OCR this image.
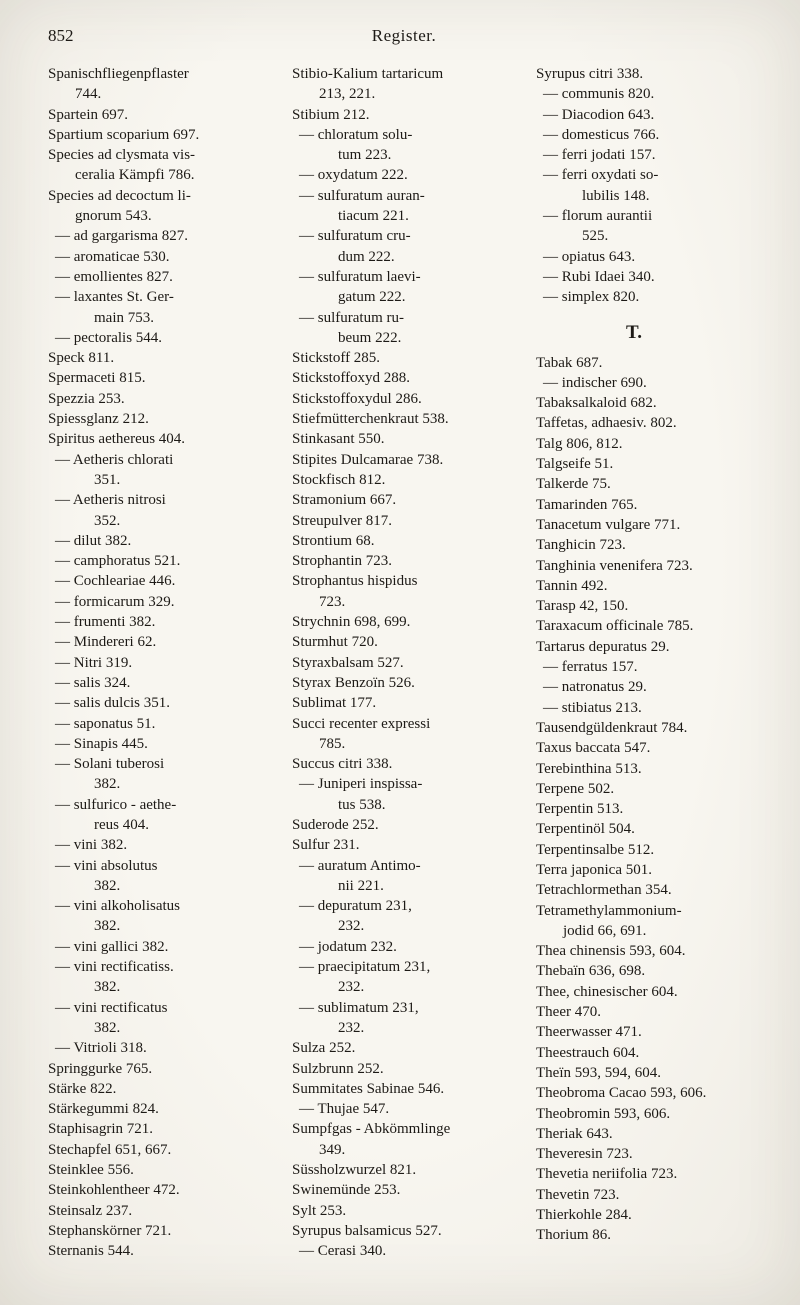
852	Register.
Spanischfliegenpflaster
744.
Spartein 697.
Spartium scoparium 697.
Species ad clysmata vis-
ceralia Kämpfi 786.
Species ad decoctum li-
gnorum 543.
— ad gargarisma 827.
— aromaticae 530.
— emollientes 827.
— laxantes St. Ger-
main 753.
— pectoralis 544.
Speck 811.
Spermaceti 815.
Spezzia 253.
Spiessglanz 212.
Spiritus aethereus 404.
— Aetheris chlorati
351.
— Aetheris nitrosi
352.
— dilut 382.
— camphoratus 521.
— Cochleariae 446.
— formicarum 329.
— frumenti 382.
— Mindereri 62.
— Nitri 319.
— salis 324.
— salis dulcis 351.
— saponatus 51.
— Sinapis 445.
— Solani tuberosi
382.
— sulfurico - aethe-
reus 404.
— vini 382.
— vini absolutus
382.
— vini alkoholisatus
382.
— vini gallici 382.
— vini rectificatiss.
382.
— vini rectificatus
382.
— Vitrioli 318.
Springgurke 765.
Stärke 822.
Stärkegummi 824.
Staphisagrin 721.
Stechapfel 651, 667.
Steinklee 556.
Steinkohlentheer 472.
Steinsalz 237.
Stephanskörner 721.
Sternanis 544.
Stibio-Kalium tartaricum
213, 221.
Stibium 212.
— chloratum solu-
tum 223.
— oxydatum 222.
— sulfuratum auran-
tiacum 221.
— sulfuratum cru-
dum 222.
— sulfuratum laevi-
gatum 222.
— sulfuratum ru-
beum 222.
Stickstoff 285.
Stickstoffoxyd 288.
Stickstoffoxydul 286.
Stiefmütterchenkraut 538.
Stinkasant 550.
Stipites Dulcamarae 738.
Stockfisch 812.
Stramonium 667.
Streupulver 817.
Strontium 68.
Strophantin 723.
Strophantus hispidus
723.
Strychnin 698, 699.
Sturmhut 720.
Styraxbalsam 527.
Styrax Benzoïn 526.
Sublimat 177.
Succi recenter expressi
785.
Succus citri 338.
— Juniperi inspissa-
tus 538.
Suderode 252.
Sulfur 231.
— auratum Antimo-
nii 221.
— depuratum 231,
232.
— jodatum 232.
— praecipitatum 231,
232.
— sublimatum 231,
232.
Sulza 252.
Sulzbrunn 252.
Summitates Sabinae 546.
— Thujae 547.
Sumpfgas - Abkömmlinge
349.
Süssholzwurzel 821.
Swinemünde 253.
Sylt 253.
Syrupus balsamicus 527.
— Cerasi 340.
Syrupus citri 338.
— communis 820.
— Diacodion 643.
— domesticus 766.
— ferri jodati 157.
— ferri oxydati so-
lubilis 148.
— florum aurantii
525.
— opiatus 643.
— Rubi Idaei 340.
— simplex 820.
T.
Tabak 687.
— indischer 690.
Tabaksalkaloid 682.
Taffetas, adhaesiv. 802.
Talg 806, 812.
Talgseife 51.
Talkerde 75.
Tamarinden 765.
Tanacetum vulgare 771.
Tanghicin 723.
Tanghinia venenifera 723.
Tannin 492.
Tarasp 42, 150.
Taraxacum officinale 785.
Tartarus depuratus 29.
— ferratus 157.
— natronatus 29.
— stibiatus 213.
Tausendgüldenkraut 784.
Taxus baccata 547.
Terebinthina 513.
Terpene 502.
Terpentin 513.
Terpentinöl 504.
Terpentinsalbe 512.
Terra japonica 501.
Tetrachlormethan 354.
Tetramethylammonium-
jodid 66, 691.
Thea chinensis 593, 604.
Thebaïn 636, 698.
Thee, chinesischer 604.
Theer 470.
Theerwasser 471.
Theestrauch 604.
Theïn 593, 594, 604.
Theobroma Cacao 593, 606.
Theobromin 593, 606.
Theriak 643.
Theveresin 723.
Thevetia neriifolia 723.
Thevetin 723.
Thierkohle 284.
Thorium 86.
